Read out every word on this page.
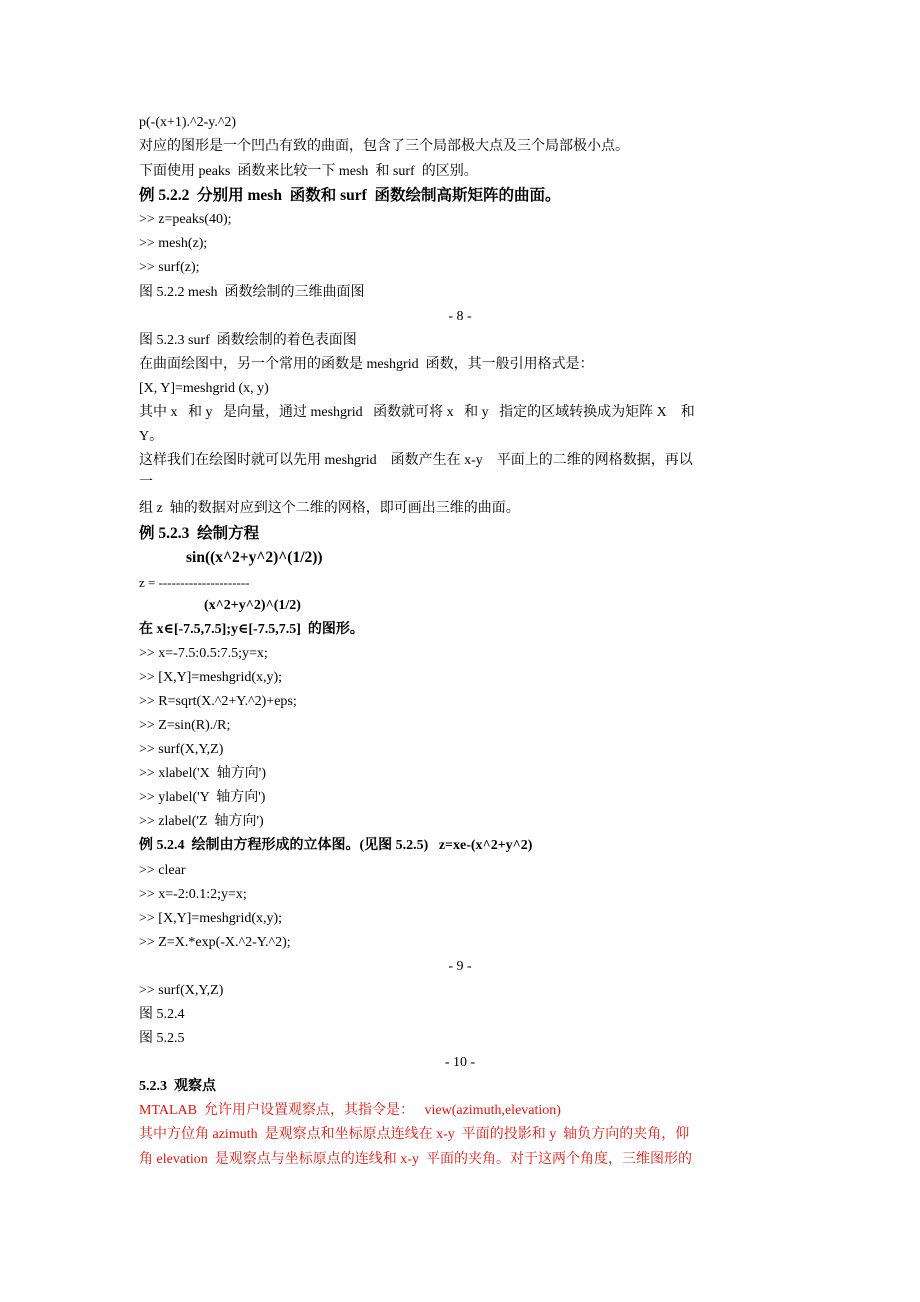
p(-(x+1).^2-y.^2)
对应的图形是一个凹凸有致的曲面，包含了三个局部极大点及三个局部极小点。
下面使用 peaks  函数来比较一下 mesh  和 surf  的区别。
例 5.2.2  分别用 mesh  函数和 surf  函数绘制高斯矩阵的曲面。
>> z=peaks(40);
>> mesh(z);
>> surf(z);
图 5.2.2 mesh  函数绘制的三维曲面图
- 8 -
图 5.2.3 surf  函数绘制的着色表面图
在曲面绘图中，另一个常用的函数是 meshgrid  函数，其一般引用格式是：
[X, Y]=meshgrid (x, y)
其中 x   和 y   是向量，通过 meshgrid   函数就可将 x   和 y   指定的区域转换成为矩阵 X    和
Y。
这样我们在绘图时就可以先用 meshgrid    函数产生在 x-y    平面上的二维的网格数据，再以
一
组 z  轴的数据对应到这个二维的网格，即可画出三维的曲面。
例 5.2.3  绘制方程
sin((x^2+y^2)^(1/2))
z = ---------------------
(x^2+y^2)^(1/2)
在 x∈[-7.5,7.5];y∈[-7.5,7.5]  的图形。
>> x=-7.5:0.5:7.5;y=x;
>> [X,Y]=meshgrid(x,y);
>> R=sqrt(X.^2+Y.^2)+eps;
>> Z=sin(R)./R;
>> surf(X,Y,Z)
>> xlabel('X  轴方向')
>> ylabel('Y  轴方向')
>> zlabel('Z  轴方向')
例 5.2.4  绘制由方程形成的立体图。(见图 5.2.5)   z=xe-(x^2+y^2)
>> clear
>> x=-2:0.1:2;y=x;
>> [X,Y]=meshgrid(x,y);
>> Z=X.*exp(-X.^2-Y.^2);
- 9 -
>> surf(X,Y,Z)
图 5.2.4
图 5.2.5
- 10 -
5.2.3  观察点
MTALAB  允许用户设置观察点，其指令是：   view(azimuth,elevation)
其中方位角 azimuth  是观察点和坐标原点连线在 x-y  平面的投影和 y  轴负方向的夹角，仰
角 elevation  是观察点与坐标原点的连线和 x-y  平面的夹角。对于这两个角度，三维图形的
